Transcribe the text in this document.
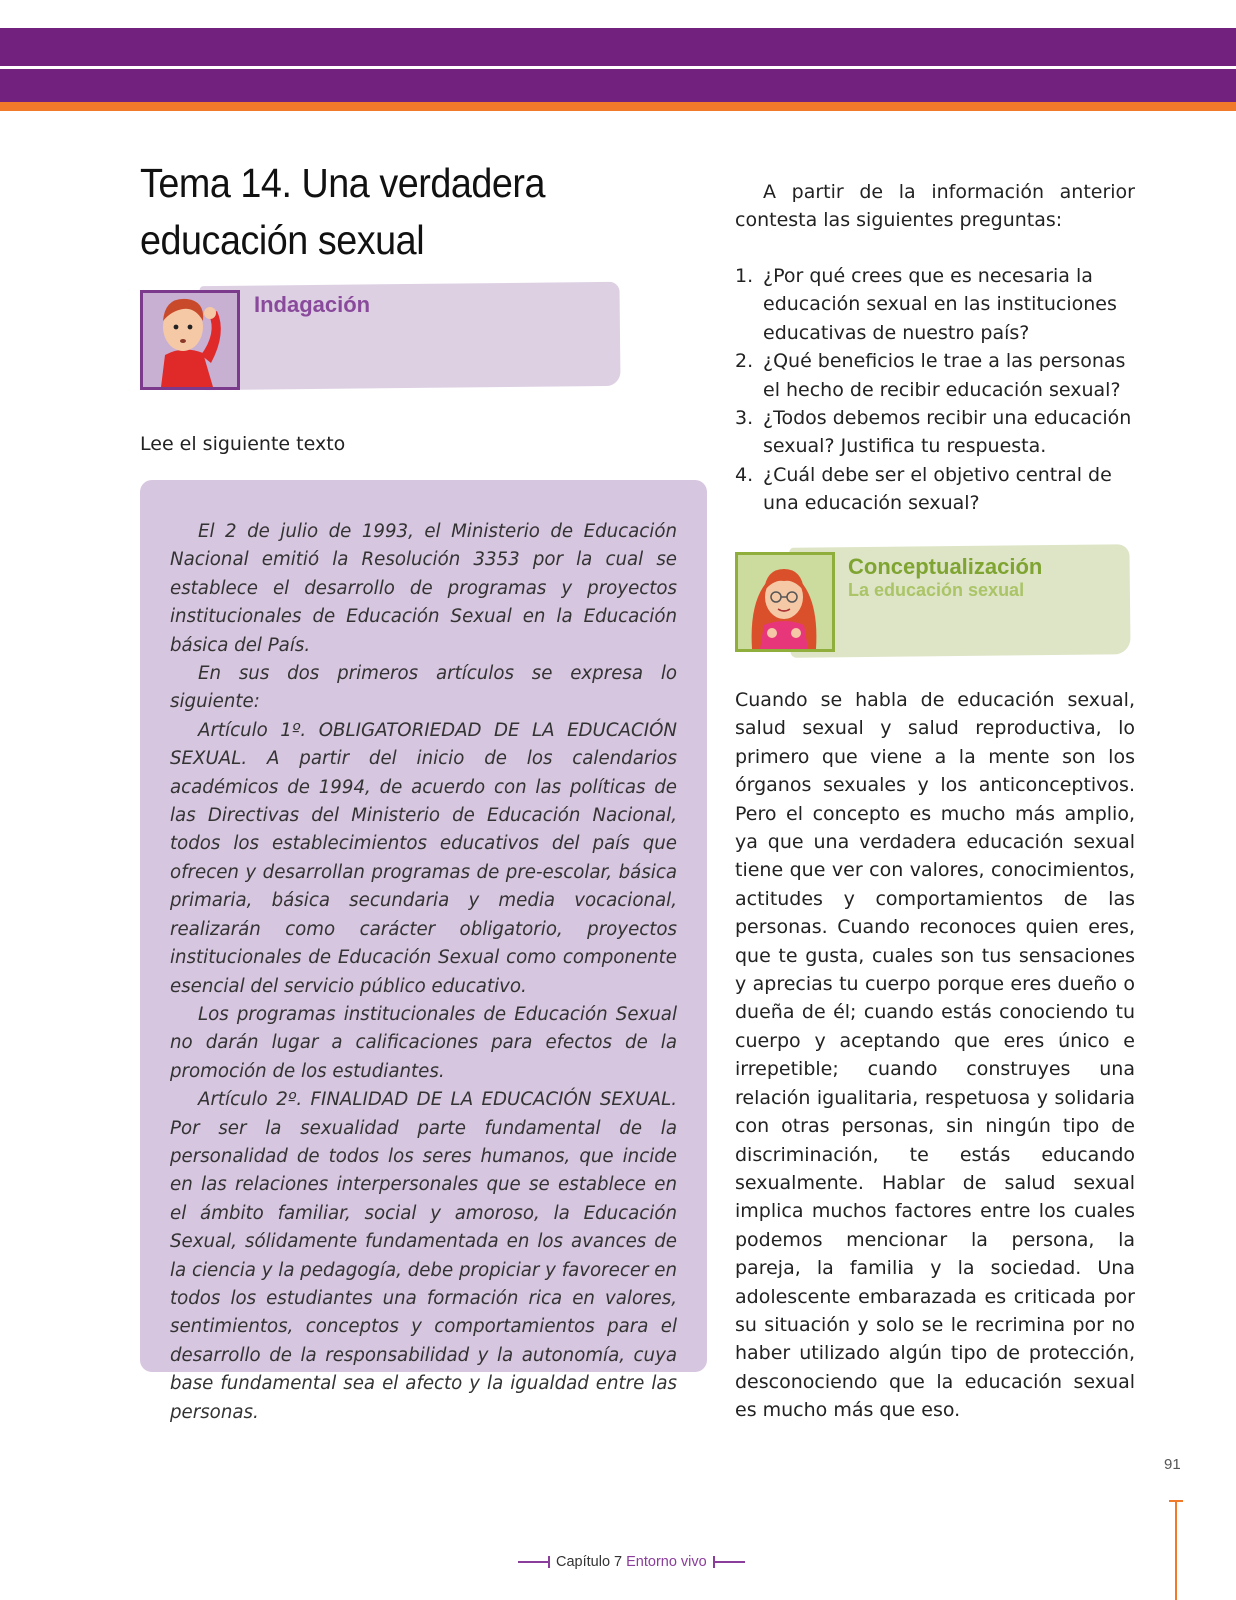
Tema 14. Una verdadera educación sexual
Indagación
Lee el siguiente texto

El 2 de julio de 1993, el Ministerio de Educación Nacional emitió la Resolución 3353 por la cual se establece el desarrollo de programas y proyectos institucionales de Educación Sexual en la Educación básica del País.

En sus dos primeros artículos se expresa lo siguiente:

Artículo 1º. OBLIGATORIEDAD DE LA EDUCACIÓN SEXUAL. A partir del inicio de los calendarios académicos de 1994, de acuerdo con las políticas de las Directivas del Ministerio de Educación Nacional, todos los establecimientos educativos del país que ofrecen y desarrollan programas de pre-escolar, básica primaria, básica secundaria y media vocacional, realizarán como carácter obligatorio, proyectos institucionales de Educación Sexual como componente esencial del servicio público educativo.

Los programas institucionales de Educación Sexual no darán lugar a calificaciones para efectos de la promoción de los estudiantes.

Artículo 2º. FINALIDAD DE LA EDUCACIÓN SEXUAL. Por ser la sexualidad parte fundamental de la personalidad de todos los seres humanos, que incide en las relaciones interpersonales que se establece en el ámbito familiar, social y amoroso, la Educación Sexual, sólidamente fundamentada en los avances de la ciencia y la pedagogía, debe propiciar y favorecer en todos los estudiantes una formación rica en valores, sentimientos, conceptos y comportamientos para el desarrollo de la responsabilidad y la autonomía, cuya base fundamental sea el afecto y la igualdad entre las personas.

A partir de la información anterior contesta las siguientes preguntas:
1. ¿Por qué crees que es necesaria la educación sexual en las instituciones educativas de nuestro país?
2. ¿Qué beneficios le trae a las personas el hecho de recibir educación sexual?
3. ¿Todos debemos recibir una educación sexual? Justifica tu respuesta.
4. ¿Cuál debe ser el objetivo central de una educación sexual?
Conceptualización
La educación sexual

Cuando se habla de educación sexual, salud sexual y salud reproductiva, lo primero que viene a la mente son los órganos sexuales y los anticonceptivos. Pero el concepto es mucho más amplio, ya que una verdadera educación sexual tiene que ver con valores, conocimientos, actitudes y comportamientos de las personas. Cuando reconoces quien eres, que te gusta, cuales son tus sensaciones y aprecias tu cuerpo porque eres dueño o dueña de él; cuando estás conociendo tu cuerpo y aceptando que eres único e irrepetible; cuando construyes una relación igualitaria, respetuosa y solidaria con otras personas, sin ningún tipo de discriminación, te estás educando sexualmente. Hablar de salud sexual implica muchos factores entre los cuales podemos mencionar la persona, la pareja, la familia y la sociedad. Una adolescente embarazada es criticada por su situación y solo se le recrimina por no haber utilizado algún tipo de protección, desconociendo que la educación sexual es mucho más que eso.

91
Capítulo 7 Entorno vivo
